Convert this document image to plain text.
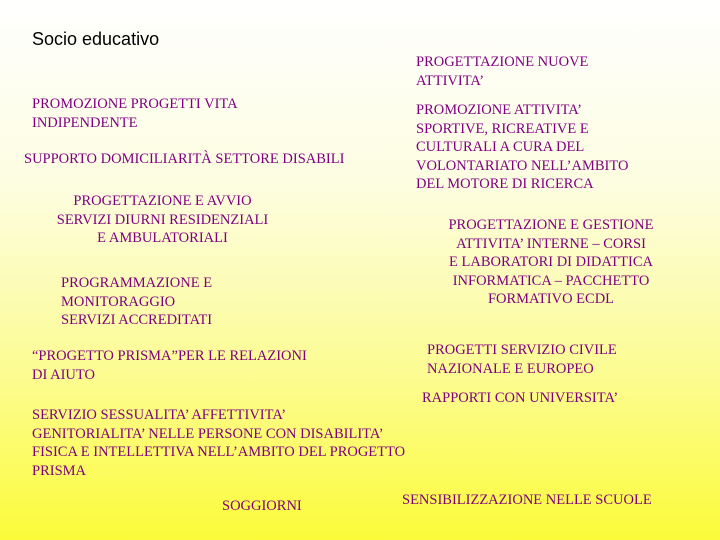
Socio educativo

PROGETTAZIONE NUOVE
ATTIVITA’

PROMOZIONE PROGETTI VITA
INDIPENDENTE

PROMOZIONE ATTIVITA’
SPORTIVE, RICREATIVE E
CULTURALI A CURA DEL
VOLONTARIATO NELL’AMBITO
DEL MOTORE DI RICERCA

SUPPORTO DOMICILIARITÀ SETTORE DISABILI

PROGETTAZIONE E AVVIO
SERVIZI DIURNI RESIDENZIALI
E AMBULATORIALI

PROGETTAZIONE E GESTIONE
ATTIVITA’ INTERNE – CORSI
E LABORATORI DI DIDATTICA
INFORMATICA – PACCHETTO
FORMATIVO ECDL

PROGRAMMAZIONE E
MONITORAGGIO
SERVIZI ACCREDITATI

“PROGETTO PRISMA”PER LE RELAZIONI
DI AIUTO

PROGETTI SERVIZIO CIVILE
NAZIONALE E EUROPEO

RAPPORTI CON UNIVERSITA’

SERVIZIO SESSUALITA’ AFFETTIVITA’
GENITORIALITA’ NELLE PERSONE CON DISABILITA’
FISICA E INTELLETTIVA NELL’AMBITO DEL PROGETTO
PRISMA

SOGGIORNI	SENSIBILIZZAZIONE NELLE SCUOLE
